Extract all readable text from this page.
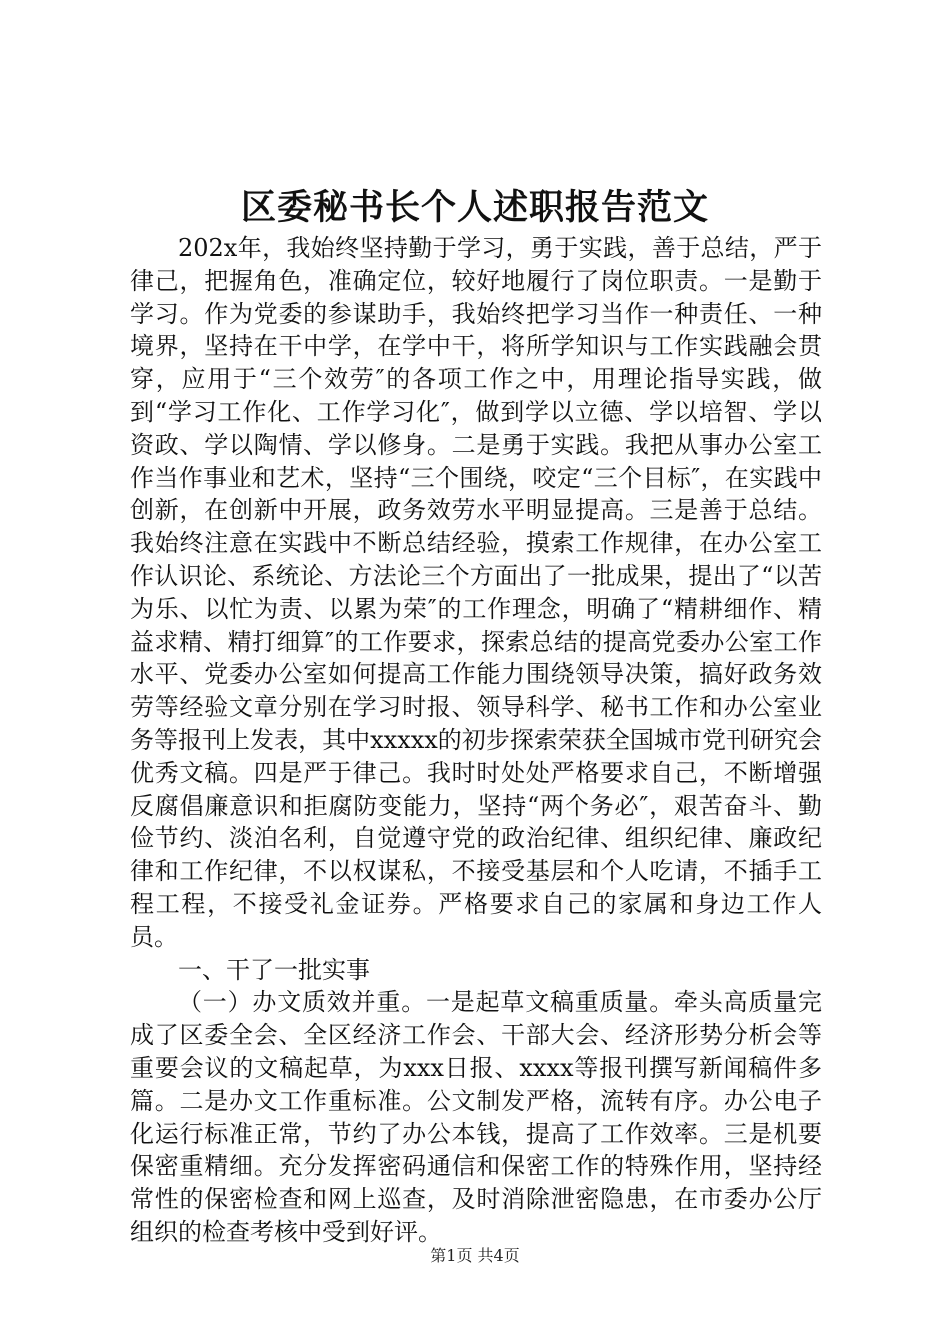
区委秘书长个人述职报告范文

202x年，我始终坚持勤于学习，勇于实践，善于总结，严于律己，把握角色，准确定位，较好地履行了岗位职责。一是勤于学习。作为党委的参谋助手，我始终把学习当作一种责任、一种境界，坚持在干中学，在学中干，将所学知识与工作实践融会贯穿，应用于“三个效劳″的各项工作之中，用理论指导实践，做到“学习工作化、工作学习化″，做到学以立德、学以培智、学以资政、学以陶情、学以修身。二是勇于实践。我把从事办公室工作当作事业和艺术，坚持“三个围绕，咬定“三个目标″，在实践中创新，在创新中开展，政务效劳水平明显提高。三是善于总结。我始终注意在实践中不断总结经验，摸索工作规律，在办公室工作认识论、系统论、方法论三个方面出了一批成果，提出了“以苦为乐、以忙为责、以累为荣″的工作理念，明确了“精耕细作、精益求精、精打细算″的工作要求，探索总结的提高党委办公室工作水平、党委办公室如何提高工作能力围绕领导决策，搞好政务效劳等经验文章分别在学习时报、领导科学、秘书工作和办公室业务等报刊上发表，其中xxxxx的初步探索荣获全国城市党刊研究会优秀文稿。四是严于律己。我时时处处严格要求自己，不断增强反腐倡廉意识和拒腐防变能力，坚持“两个务必″，艰苦奋斗、勤俭节约、淡泊名利，自觉遵守党的政治纪律、组织纪律、廉政纪律和工作纪律，不以权谋私，不接受基层和个人吃请，不插手工程工程，不接受礼金证券。严格要求自己的家属和身边工作人员。

一、干了一批实事

（一）办文质效并重。一是起草文稿重质量。牵头高质量完成了区委全会、全区经济工作会、干部大会、经济形势分析会等重要会议的文稿起草，为xxx日报、xxxx等报刊撰写新闻稿件多篇。二是办文工作重标准。公文制发严格，流转有序。办公电子化运行标准正常，节约了办公本钱，提高了工作效率。三是机要保密重精细。充分发挥密码通信和保密工作的特殊作用，坚持经常性的保密检查和网上巡查，及时消除泄密隐患，在市委办公厅组织的检查考核中受到好评。

第1页 共4页
